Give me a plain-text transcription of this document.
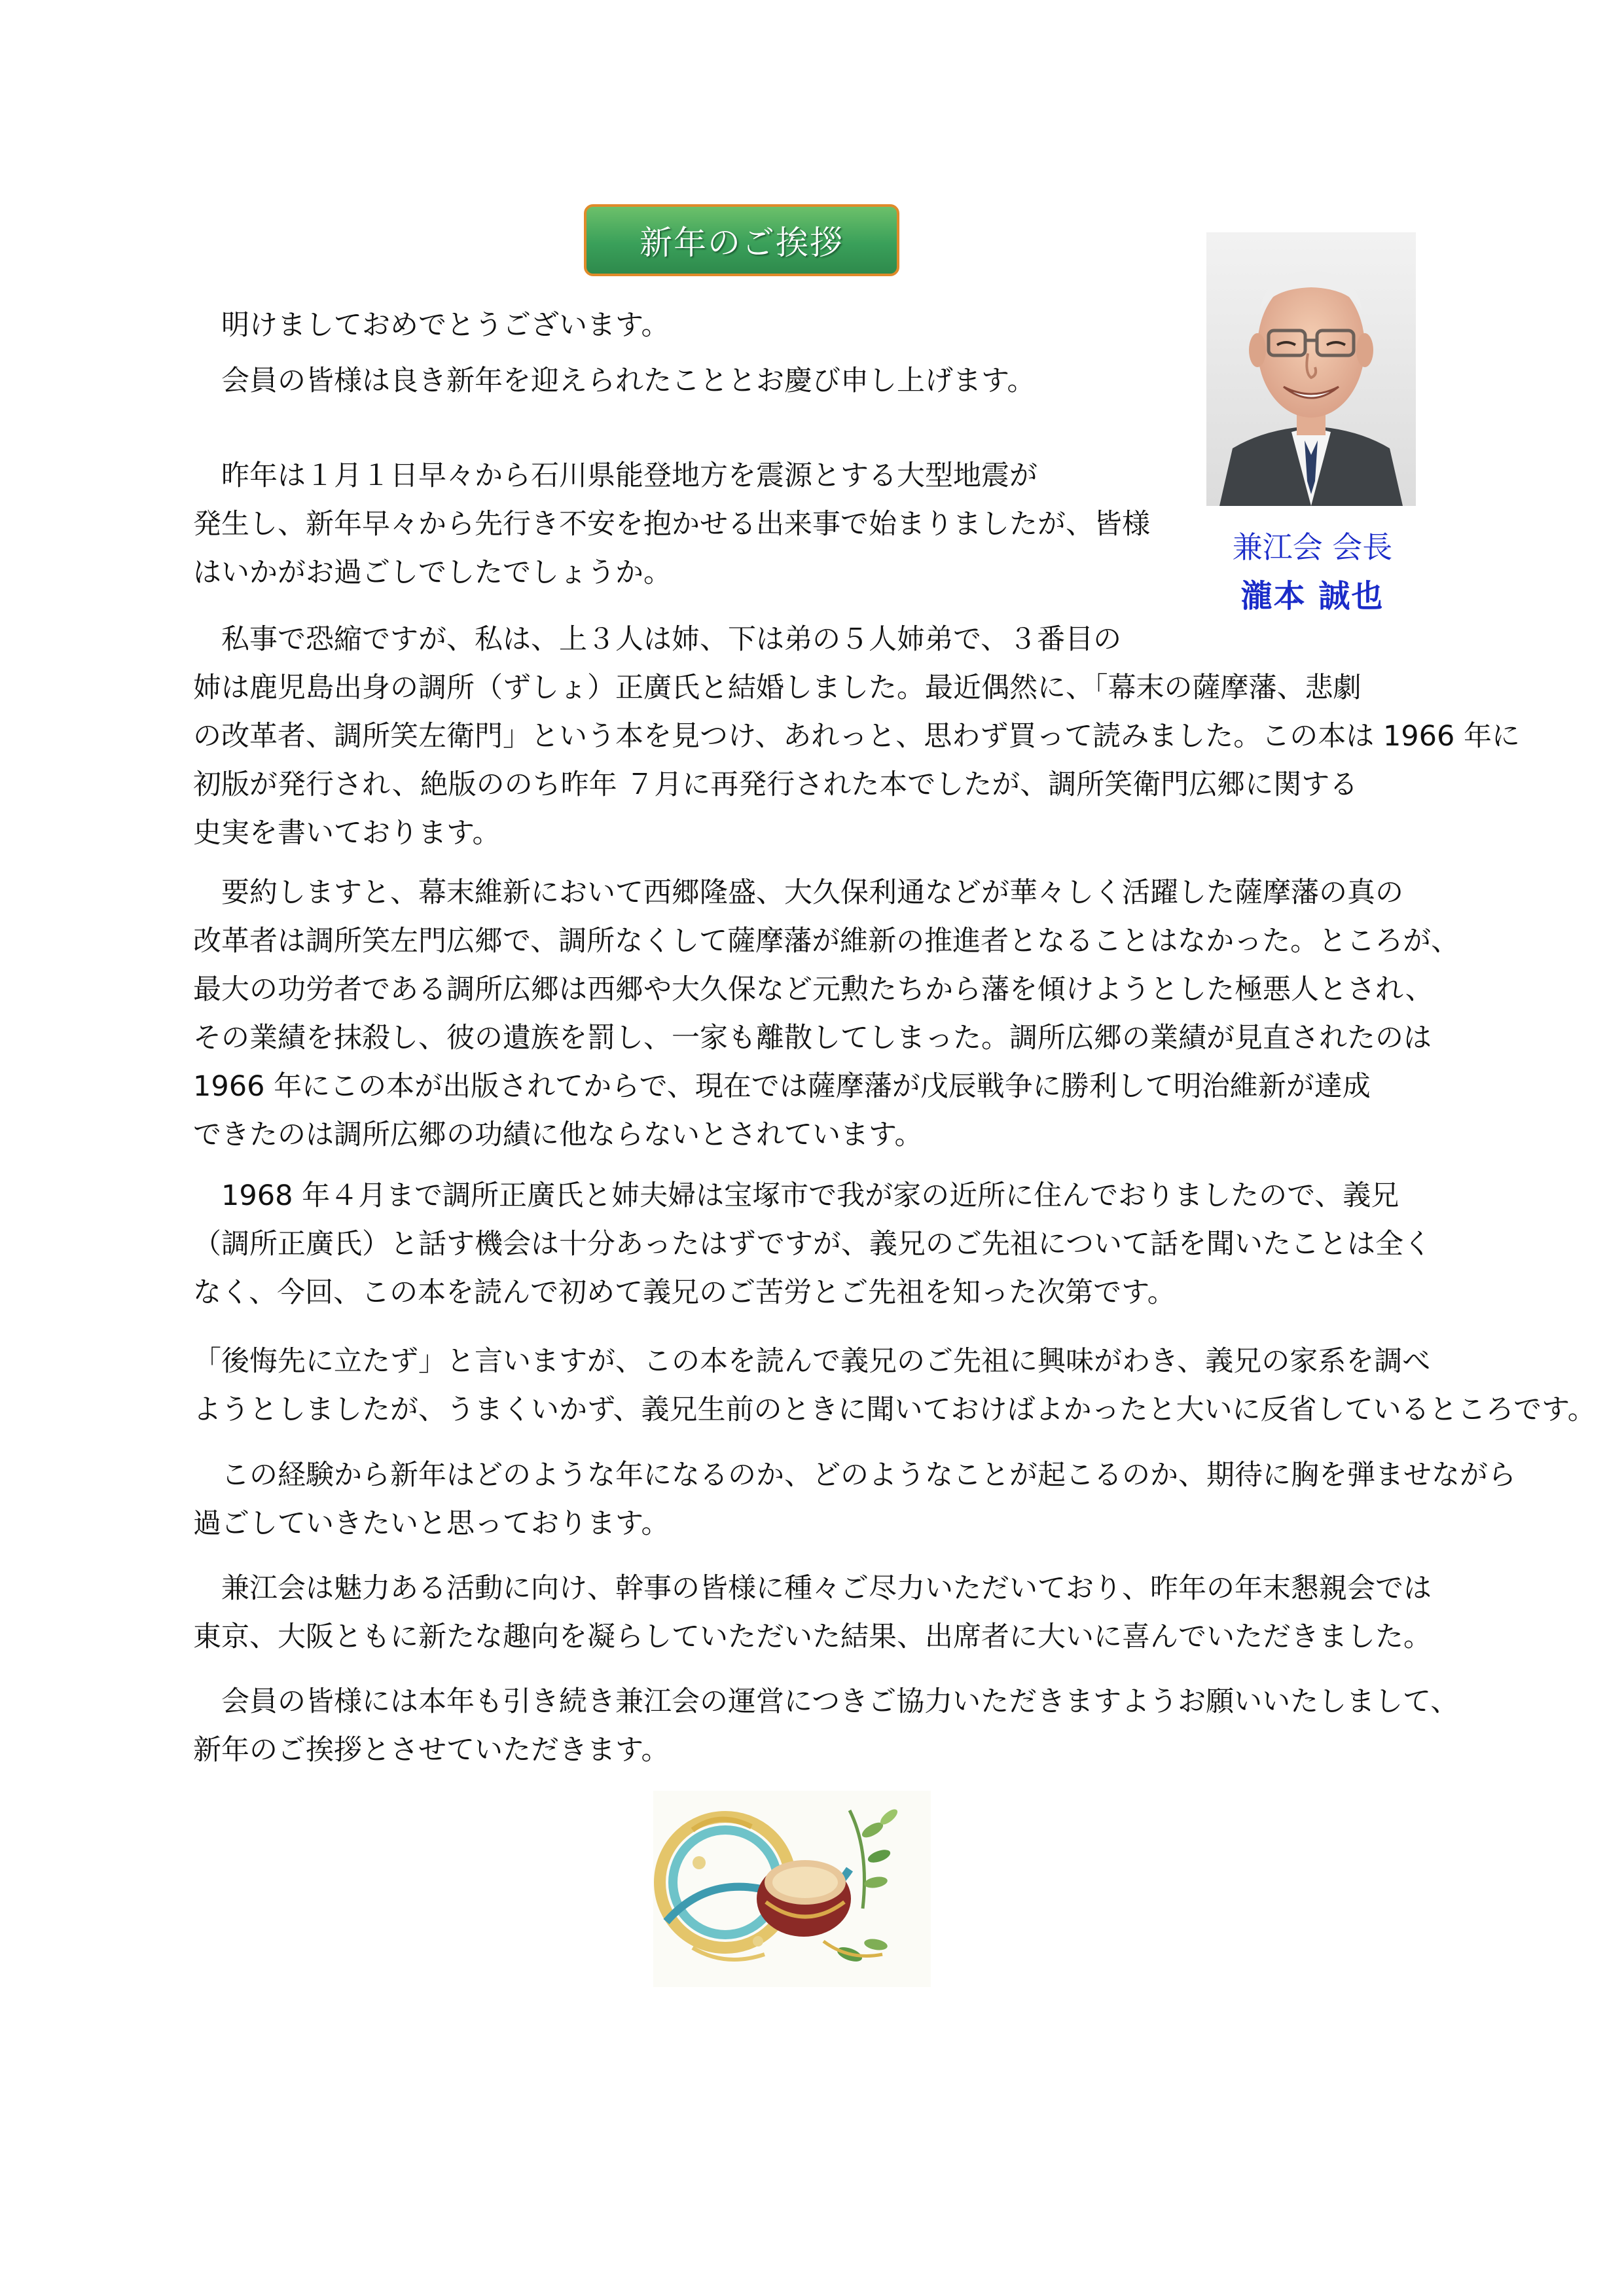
新年のご挨拶
兼江会 会長
瀧本 誠也
　明けましておめでとうございます。
　会員の皆様は良き新年を迎えられたこととお慶び申し上げます。
　昨年は１月１日早々から石川県能登地方を震源とする大型地震が
発生し、新年早々から先行き不安を抱かせる出来事で始まりましたが、皆様
はいかがお過ごしでしたでしょうか。
　私事で恐縮ですが、私は、上３人は姉、下は弟の５人姉弟で、３番目の
姉は鹿児島出身の調所（ずしょ）正廣氏と結婚しました。最近偶然に、「幕末の薩摩藩、悲劇
の改革者、調所笑左衛門」という本を見つけ、あれっと、思わず買って読みました。この本は 1966 年に
初版が発行され、絶版ののち昨年 ７月に再発行された本でしたが、調所笑衛門広郷に関する
史実を書いております。
　要約しますと、幕末維新において西郷隆盛、大久保利通などが華々しく活躍した薩摩藩の真の
改革者は調所笑左門広郷で、調所なくして薩摩藩が維新の推進者となることはなかった。ところが、
最大の功労者である調所広郷は西郷や大久保など元勲たちから藩を傾けようとした極悪人とされ、
その業績を抹殺し、彼の遺族を罰し、一家も離散してしまった。調所広郷の業績が見直されたのは
1966 年にこの本が出版されてからで、現在では薩摩藩が戊辰戦争に勝利して明治維新が達成
できたのは調所広郷の功績に他ならないとされています。
　1968 年４月まで調所正廣氏と姉夫婦は宝塚市で我が家の近所に住んでおりましたので、義兄
（調所正廣氏）と話す機会は十分あったはずですが、義兄のご先祖について話を聞いたことは全く
なく、今回、この本を読んで初めて義兄のご苦労とご先祖を知った次第です。
「後悔先に立たず」と言いますが、この本を読んで義兄のご先祖に興味がわき、義兄の家系を調べ
ようとしましたが、うまくいかず、義兄生前のときに聞いておけばよかったと大いに反省しているところです。
　この経験から新年はどのような年になるのか、どのようなことが起こるのか、期待に胸を弾ませながら
過ごしていきたいと思っております。
　兼江会は魅力ある活動に向け、幹事の皆様に種々ご尽力いただいており、昨年の年末懇親会では
東京、大阪ともに新たな趣向を凝らしていただいた結果、出席者に大いに喜んでいただきました。
　会員の皆様には本年も引き続き兼江会の運営につきご協力いただきますようお願いいたしまして、
新年のご挨拶とさせていただきます。
